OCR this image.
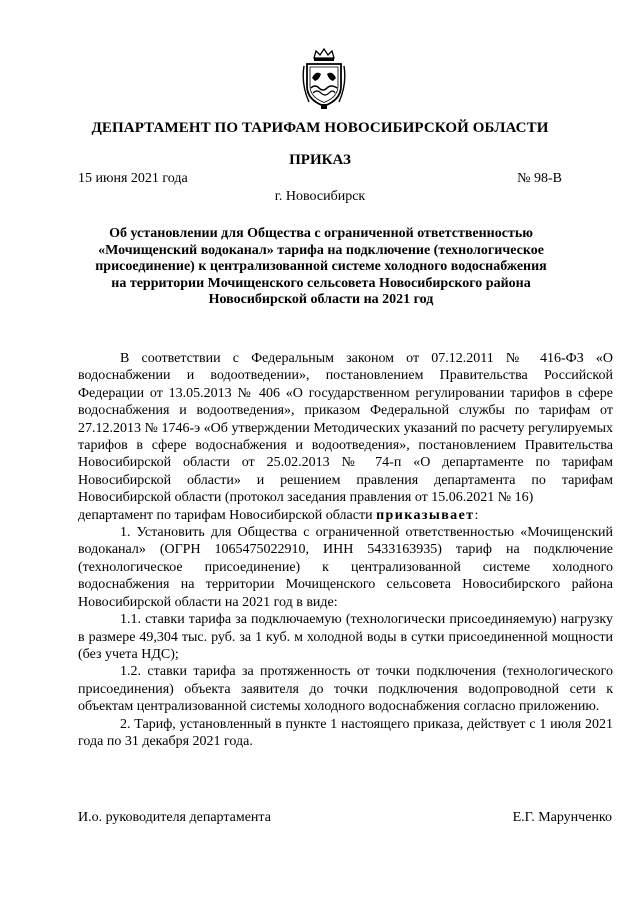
ДЕПАРТАМЕНТ ПО ТАРИФАМ НОВОСИБИРСКОЙ ОБЛАСТИ
ПРИКАЗ
15 июня 2021 года	№ 98-В
г. Новосибирск
Об установлении для Общества с ограниченной ответственностью «Мочищенский водоканал» тарифа на подключение (технологическое присоединение) к централизованной системе холодного водоснабжения на территории Мочищенского сельсовета Новосибирского района Новосибирской области на 2021 год

В соответствии с Федеральным законом от 07.12.2011 № 416-ФЗ «О водоснабжении и водоотведении», постановлением Правительства Российской Федерации от 13.05.2013 № 406 «О государственном регулировании тарифов в сфере водоснабжения и водоотведения», приказом Федеральной службы по тарифам от 27.12.2013 № 1746-э «Об утверждении Методических указаний по расчету регулируемых тарифов в сфере водоснабжения и водоотведения», постановлением Правительства Новосибирской области от 25.02.2013 № 74-п «О департаменте по тарифам Новосибирской области» и решением правления департамента по тарифам Новосибирской области (протокол заседания правления от 15.06.2021 № 16)

департамент по тарифам Новосибирской области приказывает:

1. Установить для Общества с ограниченной ответственностью «Мочищенский водоканал» (ОГРН 1065475022910, ИНН 5433163935) тариф на подключение (технологическое присоединение) к централизованной системе холодного водоснабжения на территории Мочищенского сельсовета Новосибирского района Новосибирской области на 2021 год в виде:

1.1. ставки тарифа за подключаемую (технологически присоединяемую) нагрузку в размере 49,304 тыс. руб. за 1 куб. м холодной воды в сутки присоединенной мощности (без учета НДС);

1.2. ставки тарифа за протяженность от точки подключения (технологического присоединения) объекта заявителя до точки подключения водопроводной сети к объектам централизованной системы холодного водоснабжения согласно приложению.

2. Тариф, установленный в пункте 1 настоящего приказа, действует с 1 июля 2021 года по 31 декабря 2021 года.

И.о. руководителя департамента	Е.Г. Марунченко
